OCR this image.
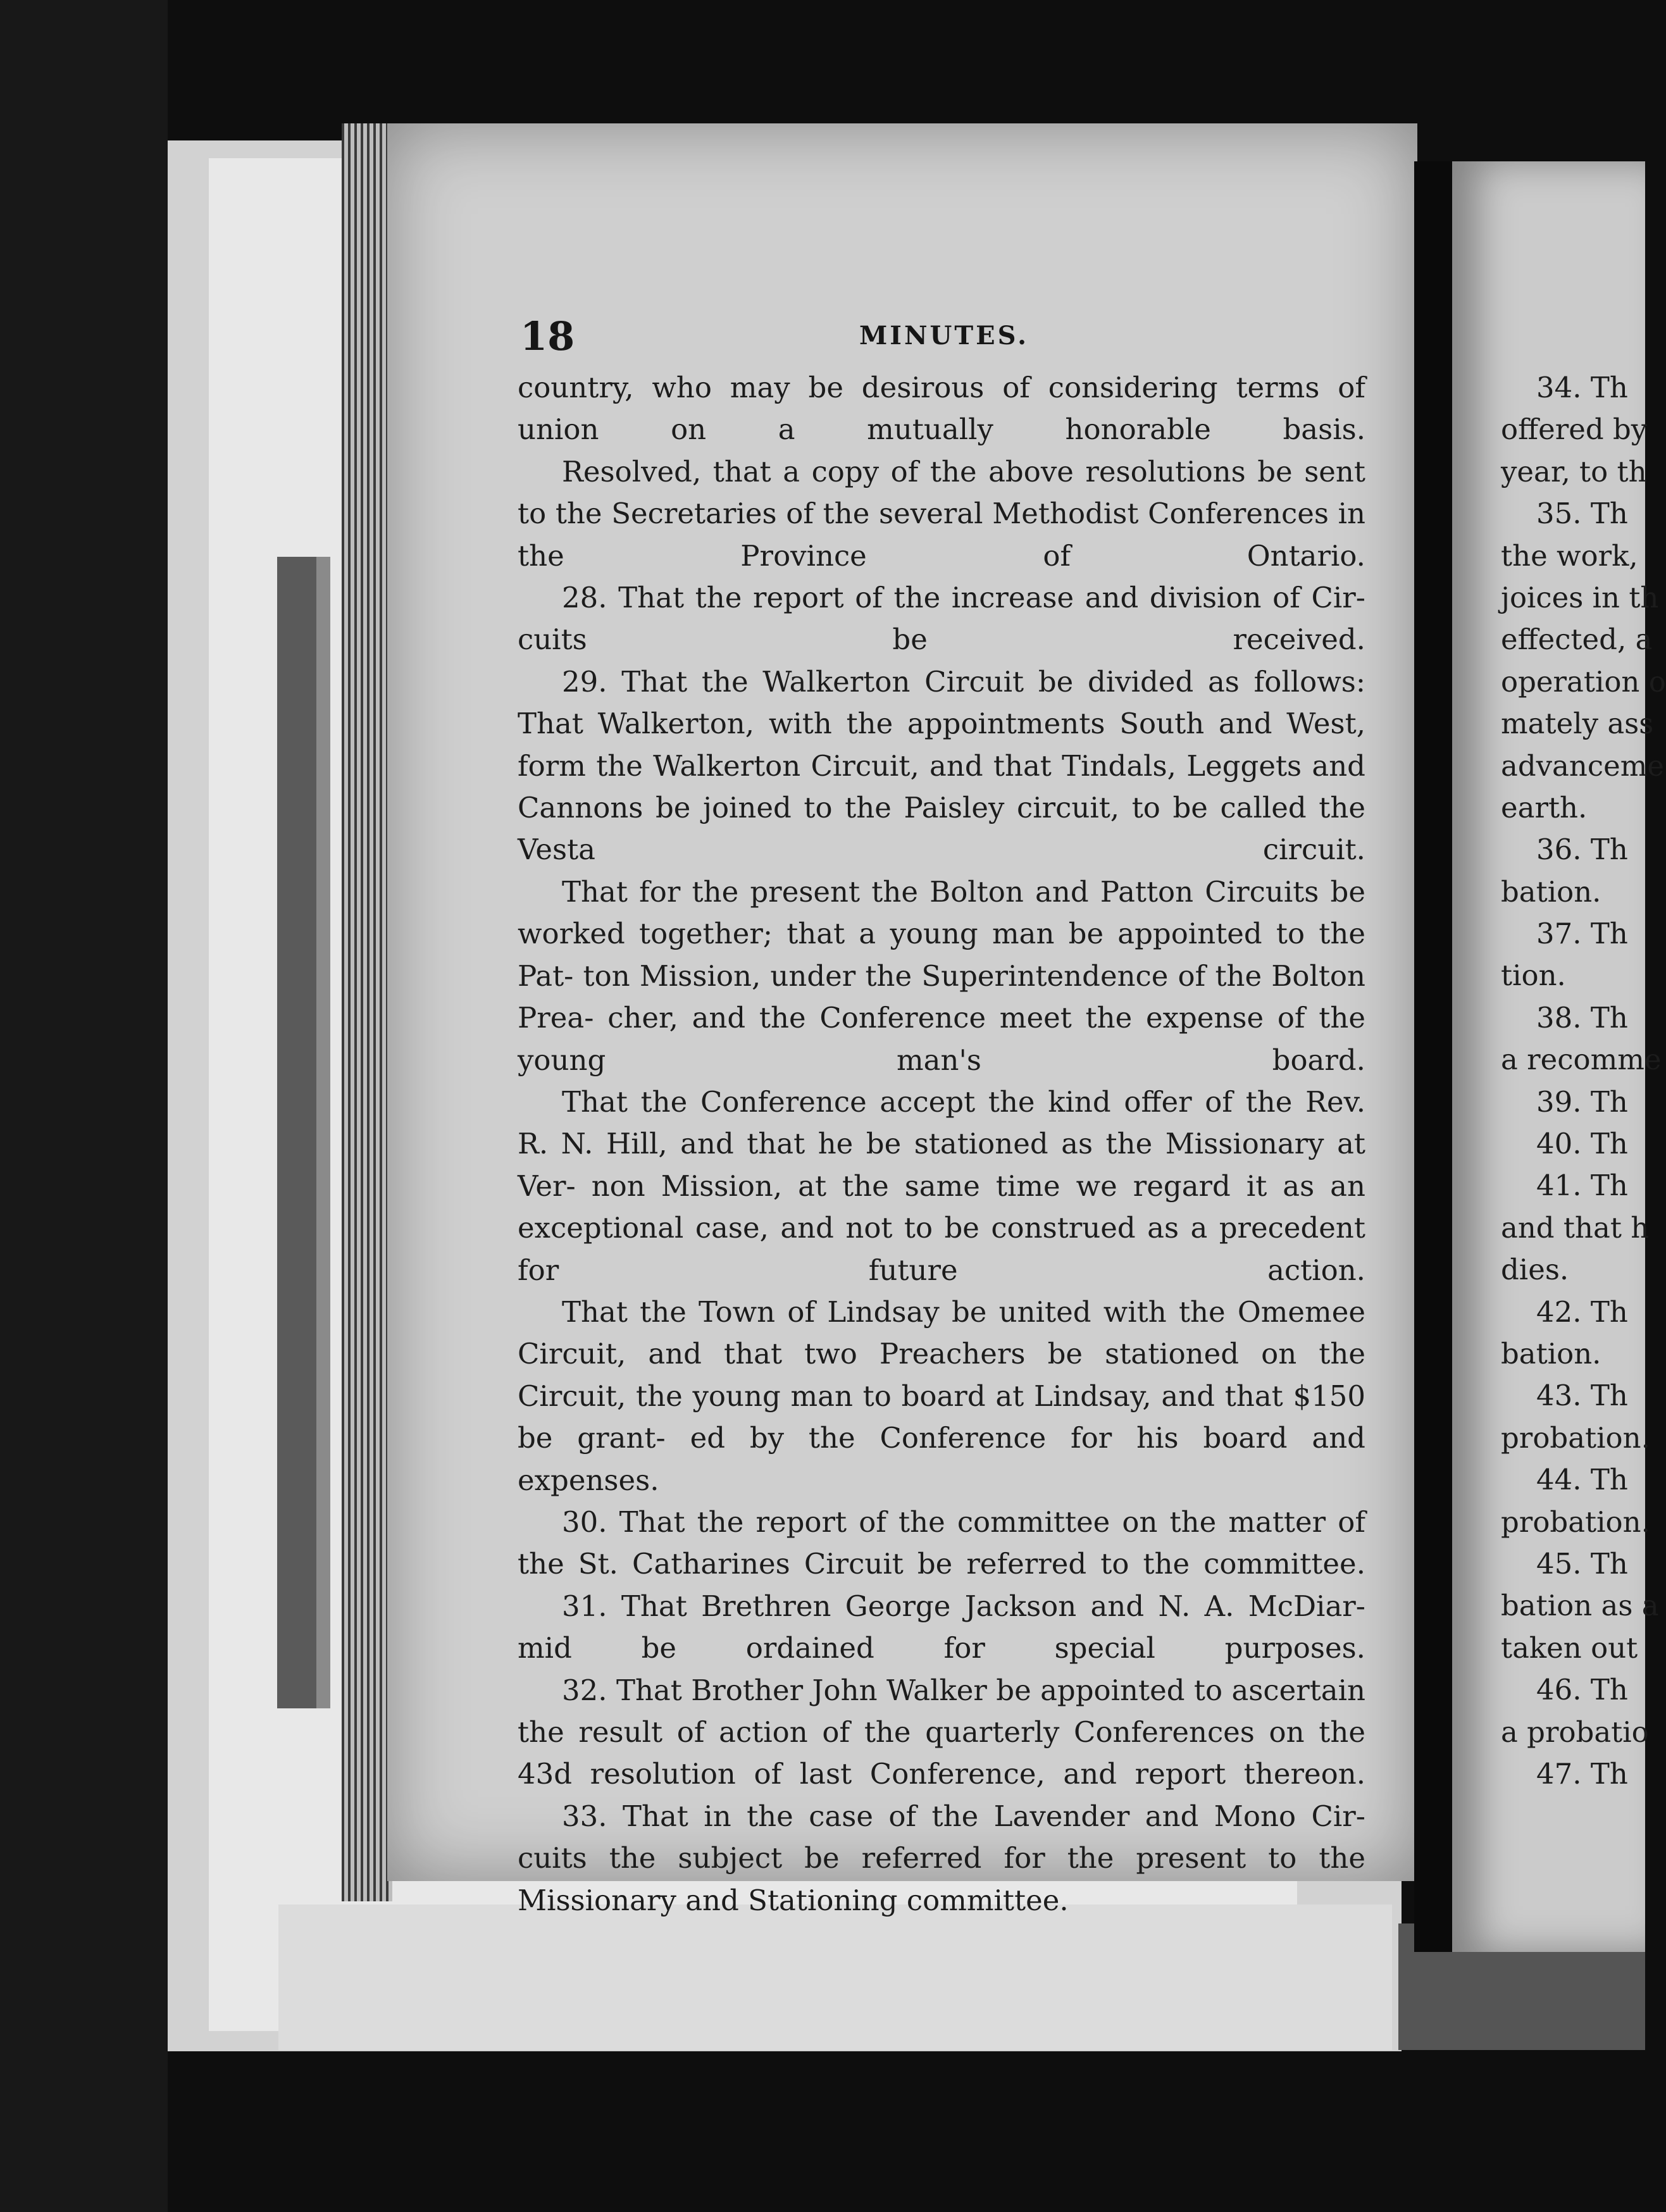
18	MINUTES.

country, who may be desirous of considering terms of union	on a mutually honorable basis.

Resolved, that a copy of the above resolutions be sent to the Secretaries of the several Methodist Conferences in the	Province of Ontario.

28. That the report of the increase and division of Cir- cuits be received.

29. That the Walkerton Circuit be divided as follows: That Walkerton, with the appointments South and West, form the Walkerton Circuit, and that Tindals, Leggets and Cannons be joined to the Paisley circuit, to be called the Vesta circuit.

That for the present the Bolton and Patton Circuits be worked together; that a young man be appointed to the Pat- ton Mission, under the Superintendence of the Bolton Prea- cher, and the Conference meet the expense of the young	man's board.

That the Conference accept the kind offer of the Rev. R. N. Hill, and that he be stationed as the Missionary at Ver- non Mission, at the same time we regard it as an exceptional case, and not to be construed as a precedent for future action.

That the Town of Lindsay be united with the Omemee Circuit, and that two Preachers be stationed on the Circuit, the young man to board at Lindsay, and that $150 be grant- ed by the Conference for his board and expenses.

30. That the report of the committee on the matter of the St. Catharines Circuit be referred to the committee.

31. That Brethren George Jackson and N. A. McDiar- mid be ordained for special purposes.

32. That Brother John Walker be appointed to ascertain the result of action of the quarterly Conferences on the 43d resolution of last Conference, and report thereon.

33. That in the case of the Lavender and Mono Cir- cuits the subject be referred for the present to the Missionary and Stationing committee.

34. Th
offered by
year, to th
35. Th
the work,
joices in th
effected, a
operation o
mately ass
advanceme
earth.
36. Th
bation.
37. Th
tion.
38. Th
a recomme
39. Th
40. Th
41. Th
and that h
dies.
42. Th
bation.
43. Th
probation.
44. Th
probation.
45. Th
bation as a
taken out
46. Th
a probatio
47. Th
